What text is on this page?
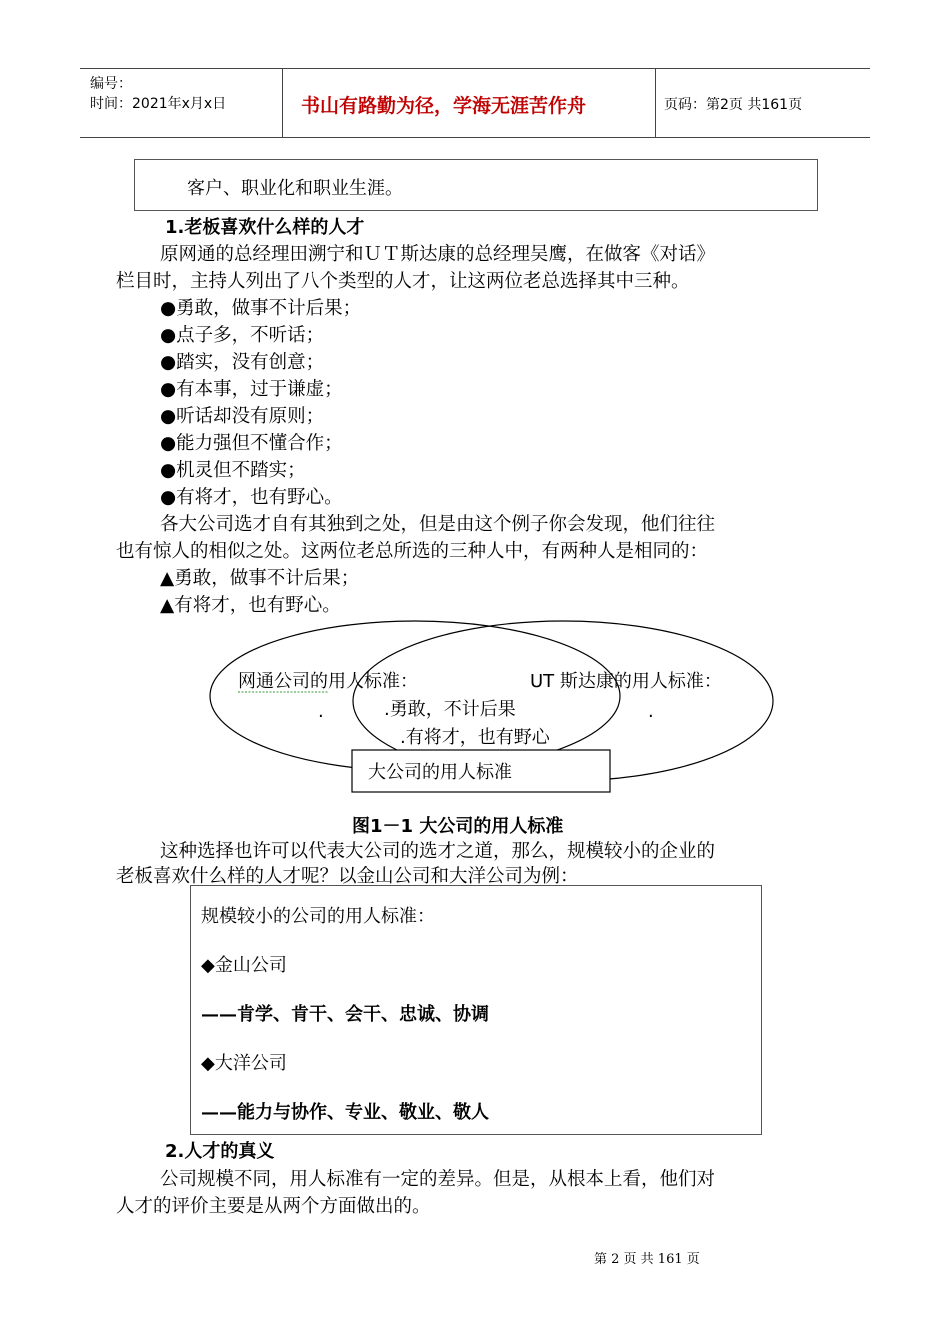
编号：
时间：2021年x月x日	书山有路勤为径，学海无涯苦作舟	页码：第2页 共161页
客户、职业化和职业生涯。
1.老板喜欢什么样的人才
原网通的总经理田溯宁和ＵＴ斯达康的总经理吴鹰，在做客《对话》
栏目时，主持人列出了八个类型的人才，让这两位老总选择其中三种。
●勇敢，做事不计后果；
●点子多，不听话；
●踏实，没有创意；
●有本事，过于谦虚；
●听话却没有原则；
●能力强但不懂合作；
●机灵但不踏实；
●有将才，也有野心。
各大公司选才自有其独到之处，但是由这个例子你会发现，他们往往
也有惊人的相似之处。这两位老总所选的三种人中，有两种人是相同的：
▲勇敢，做事不计后果；
▲有将才，也有野心。
网通公司的用人标准：	UT 斯达康的用人标准：
.	.
.勇敢，不计后果
.有将才，也有野心
大公司的用人标准
图1－1 大公司的用人标准
这种选择也许可以代表大公司的选才之道，那么，规模较小的企业的
老板喜欢什么样的人才呢？以金山公司和大洋公司为例：
规模较小的公司的用人标准：
◆金山公司
——肯学、肯干、会干、忠诚、协调
◆大洋公司
——能力与协作、专业、敬业、敬人
2.人才的真义
公司规模不同，用人标准有一定的差异。但是，从根本上看，他们对
人才的评价主要是从两个方面做出的。
第 2 页 共 161 页
